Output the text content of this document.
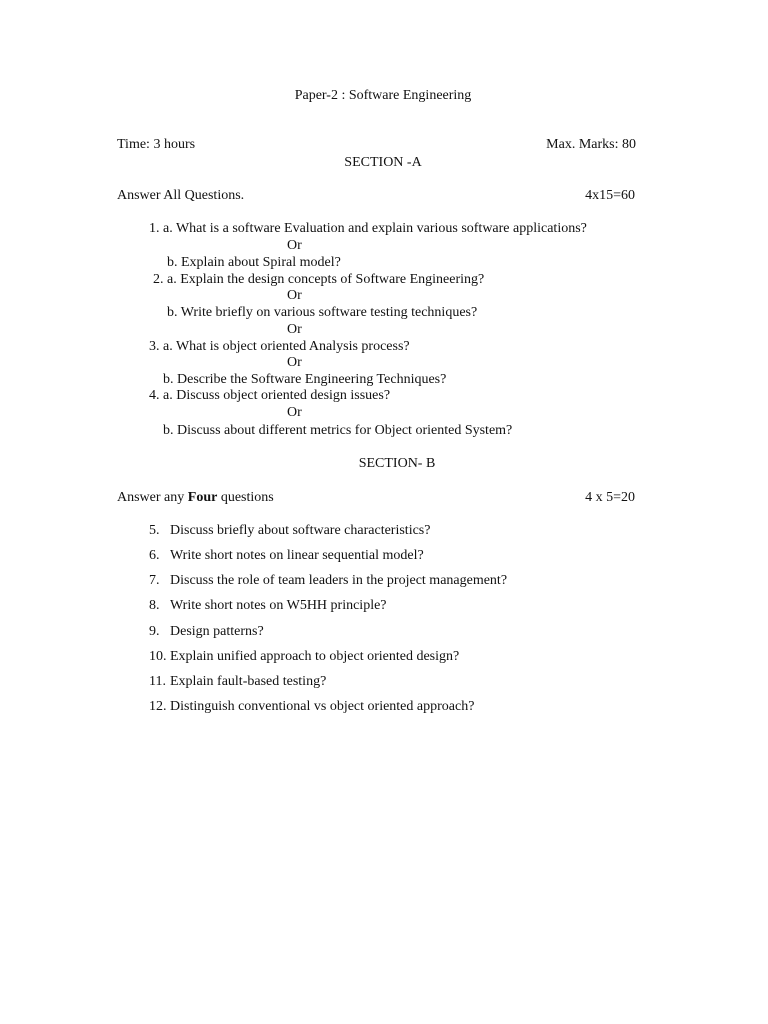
Paper-2 : Software Engineering
Time: 3 hours	Max. Marks: 80
SECTION -A
Answer All Questions.	4x15=60
1. a. What is a software Evaluation and explain various software applications?
Or
b. Explain about Spiral model?
2. a. Explain the design concepts of Software Engineering?
Or
b. Write briefly on various software testing techniques?
Or
3. a. What is object oriented Analysis process?
Or
b. Describe the Software Engineering Techniques?
4. a. Discuss object oriented design issues?
Or
b. Discuss about different metrics for Object oriented System?
SECTION- B
Answer any Four questions	4 x 5=20
5. Discuss briefly about software characteristics?
6. Write short notes on linear sequential model?
7. Discuss the role of team leaders in the project management?
8. Write short notes on W5HH principle?
9. Design patterns?
10. Explain unified approach to object oriented design?
11. Explain fault-based testing?
12. Distinguish conventional vs object oriented approach?
